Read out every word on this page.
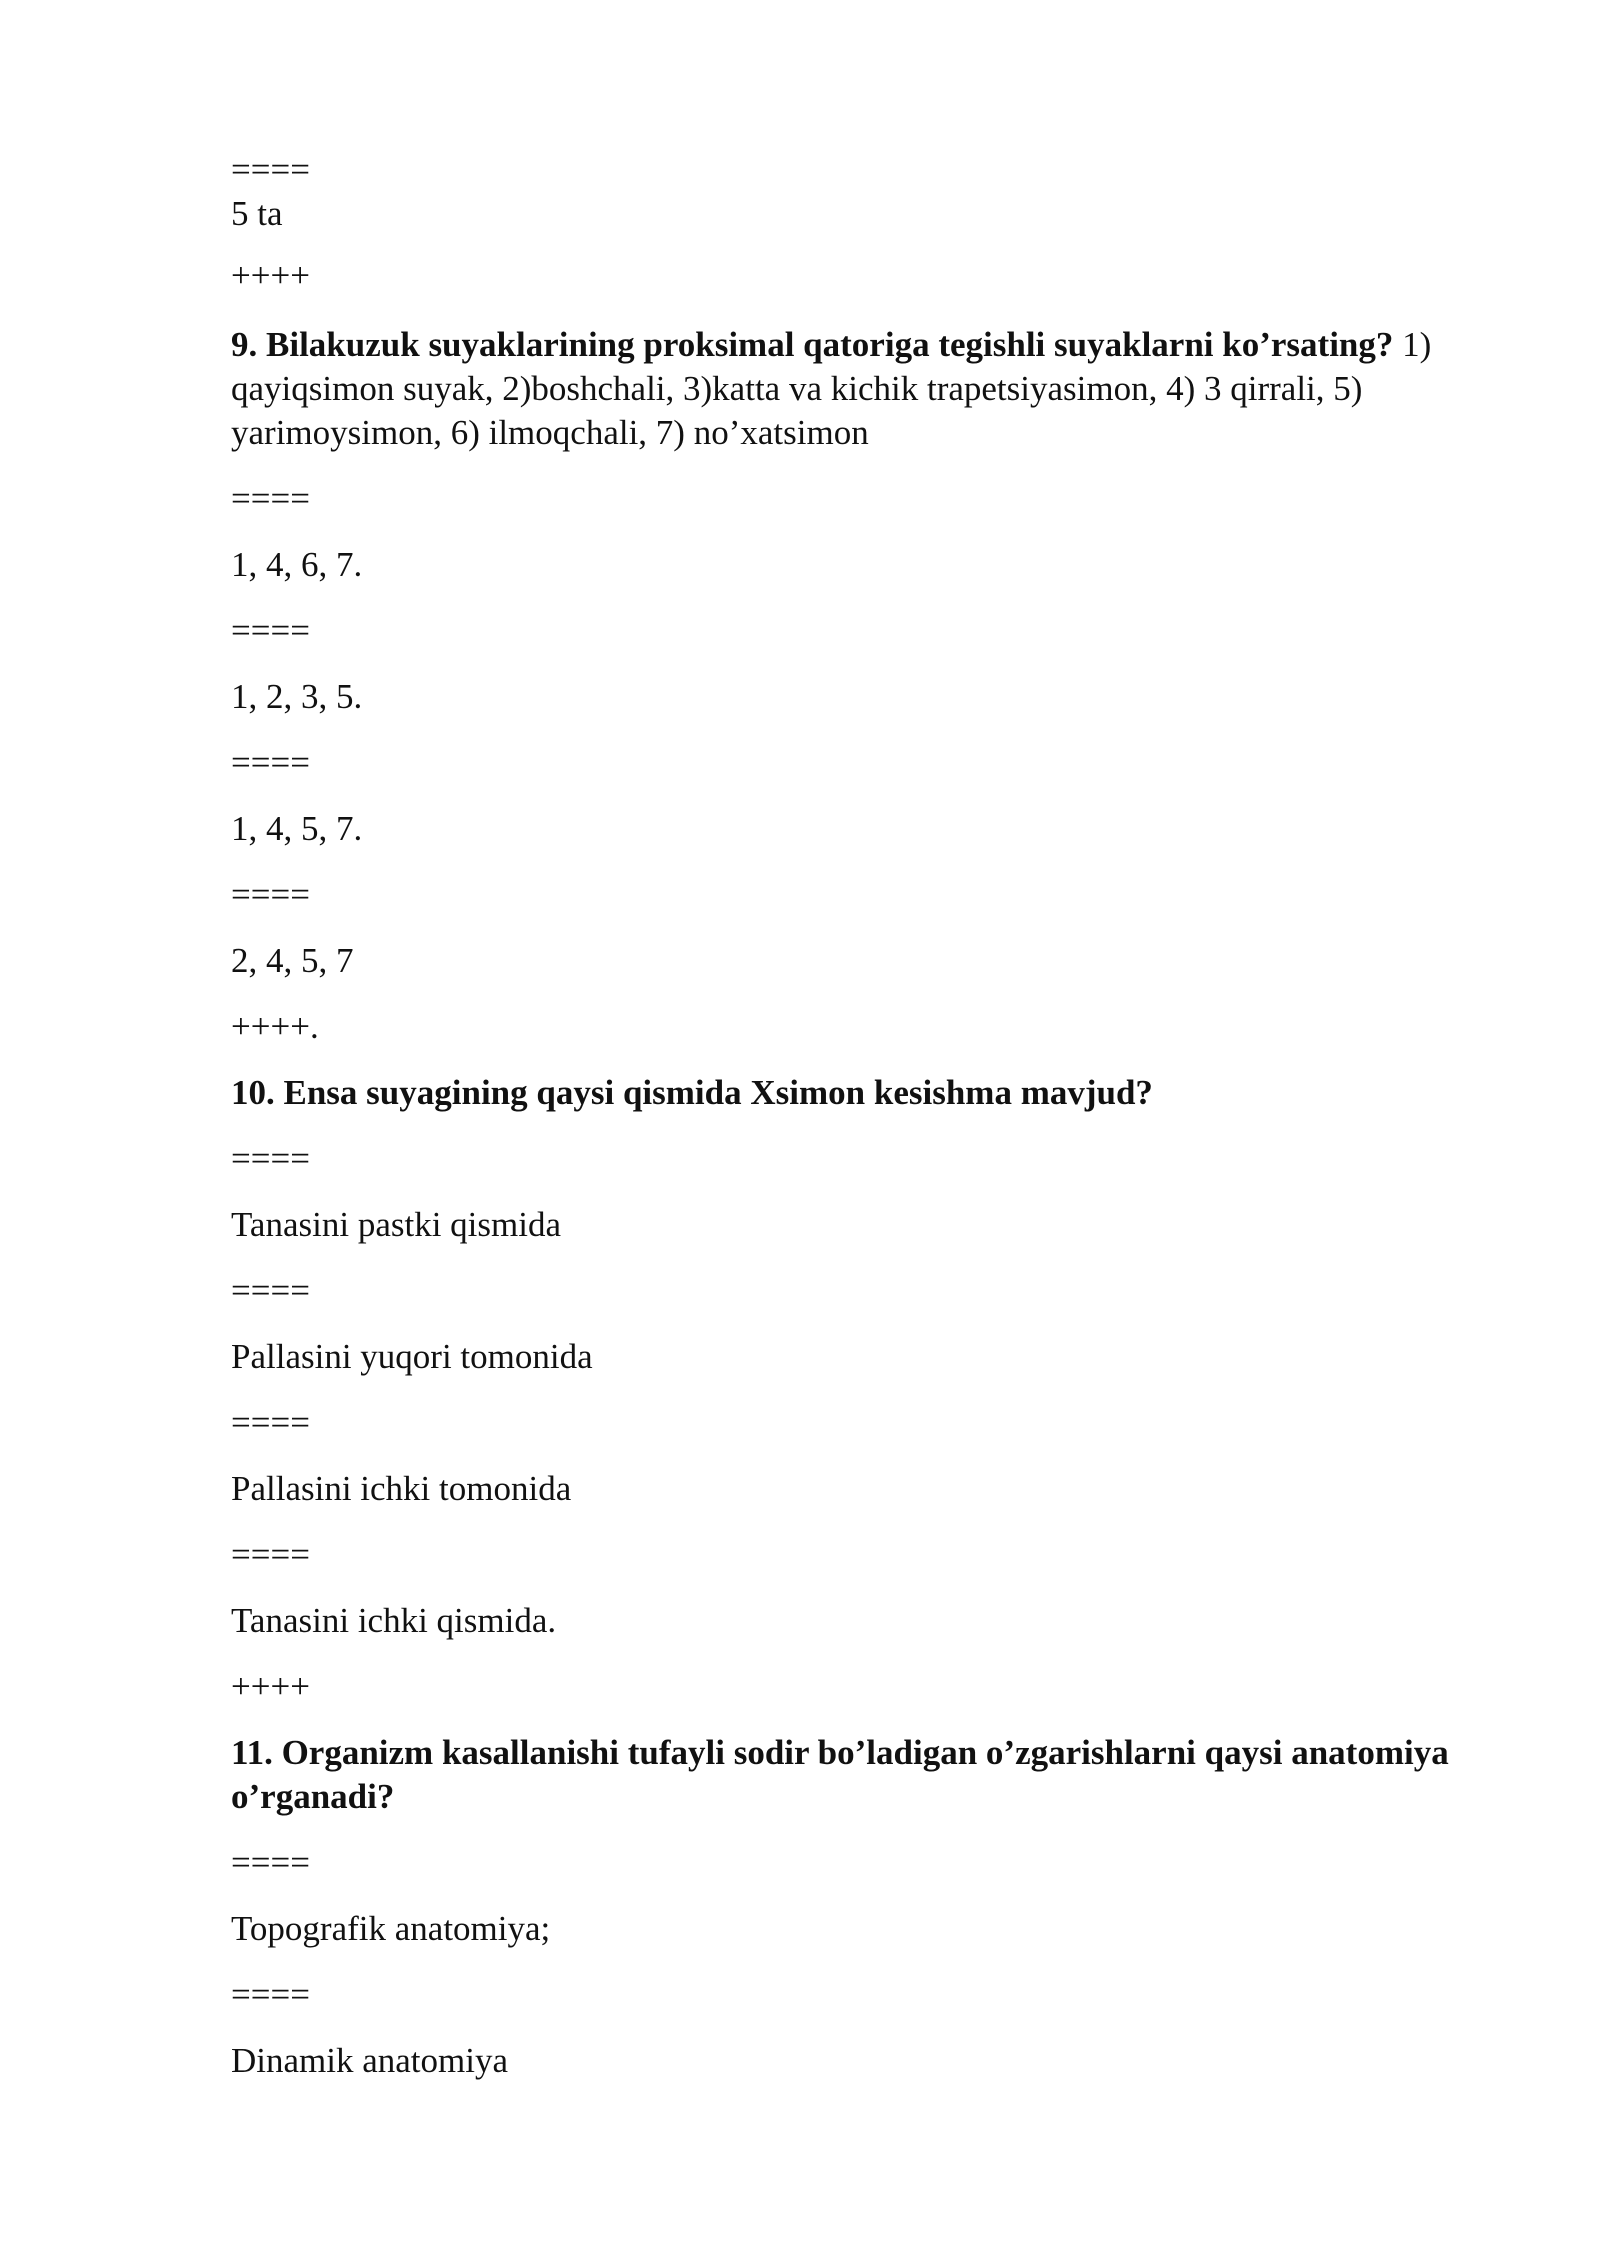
====
5 ta
++++

9. Bilakuzuk suyaklarining proksimal qatoriga tegishli suyaklarni ko’rsating? 1) qayiqsimon suyak, 2)boshchali, 3)katta va kichik trapetsiyasimon, 4) 3 qirrali, 5) yarimoysimon, 6) ilmoqchali, 7) no’xatsimon

====
1, 4, 6, 7.
====
1, 2, 3, 5.
====
1, 4, 5, 7.
====
2, 4, 5, 7
++++.

10. Ensa suyagining qaysi qismida Xsimon kesishma mavjud?

====
Tanasini pastki qismida
====
Pallasini yuqori tomonida
====
Pallasini ichki tomonida
====
Tanasini ichki qismida.
++++

11. Organizm kasallanishi tufayli sodir bo’ladigan o’zgarishlarni qaysi anatomiya o’rganadi?

====
Topografik anatomiya;
====
Dinamik anatomiya
